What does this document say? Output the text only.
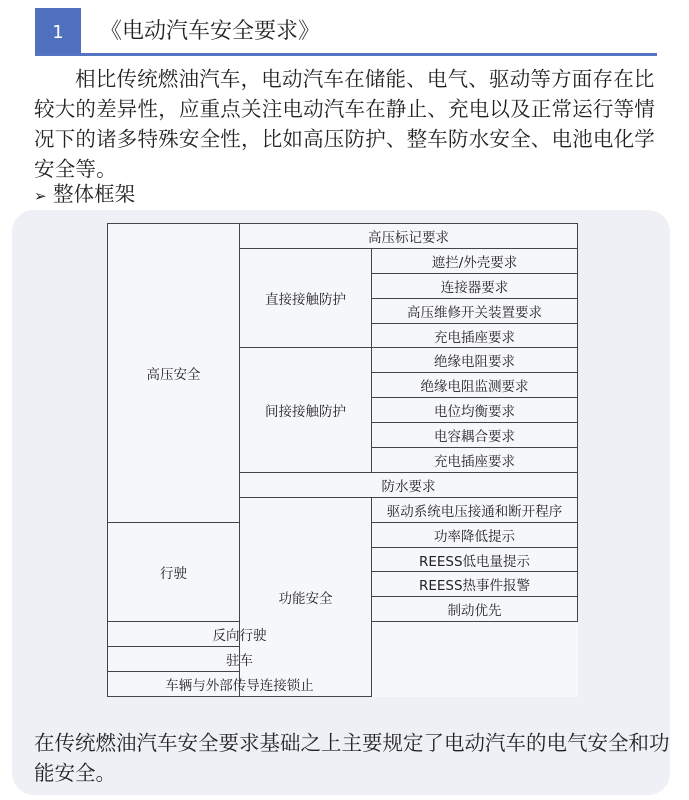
1	《电动汽车安全要求》
相比传统燃油汽车，电动汽车在储能、电气、驱动等方面存在比较大的差异性，应重点关注电动汽车在静止、充电以及正常运行等情况下的诸多特殊安全性，比如高压防护、整车防水安全、电池电化学安全等。
➢ 整体框架
高压安全	高压标记要求	
	直接接触防护	遮拦/外壳要求
		连接器要求
		高压维修开关装置要求
		充电插座要求
	间接接触防护	绝缘电阻要求
		绝缘电阻监测要求
		电位均衡要求
		电容耦合要求
		充电插座要求
	防水要求	
	功能安全	驱动系统电压接通和断开程序
行驶		功率降低提示
		REESS低电量提示
		REESS热事件报警
		制动优先
反向行驶		
驻车		
车辆与外部传导连接锁止		
在传统燃油汽车安全要求基础之上主要规定了电动汽车的电气安全和功能安全。
